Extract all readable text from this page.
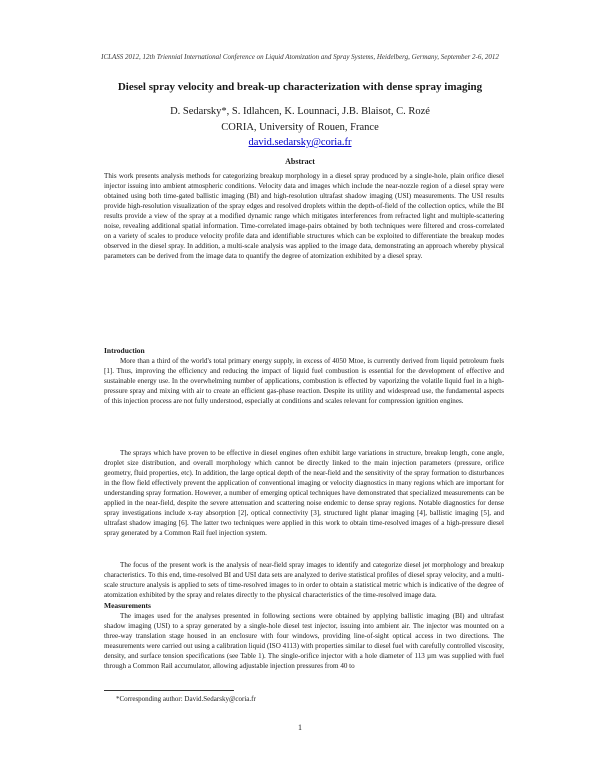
ICLASS 2012, 12th Triennial International Conference on Liquid Atomization and Spray Systems, Heidelberg, Germany, September 2-6, 2012
Diesel spray velocity and break-up characterization with dense spray imaging
D. Sedarsky*, S. Idlahcen, K. Lounnaci, J.B. Blaisot, C. Rozé
CORIA, University of Rouen, France
david.sedarsky@coria.fr
Abstract

This work presents analysis methods for categorizing breakup morphology in a diesel spray produced by a single-hole, plain orifice diesel injector issuing into ambient atmospheric conditions. Velocity data and images which include the near-nozzle region of a diesel spray were obtained using both time-gated ballistic imaging (BI) and high-resolution ultrafast shadow imaging (USI) measurements. The USI results provide high-resolution visualization of the spray edges and resolved droplets within the depth-of-field of the collection optics, while the BI results provide a view of the spray at a modified dynamic range which mitigates interferences from refracted light and multiple-scattering noise, revealing additional spatial information. Time-correlated image-pairs obtained by both techniques were filtered and cross-correlated on a variety of scales to produce velocity profile data and identifiable structures which can be exploited to differentiate the breakup modes observed in the diesel spray. In addition, a multi-scale analysis was applied to the image data, demonstrating an approach whereby physical parameters can be derived from the image data to quantify the degree of atomization exhibited by a diesel spray.

Introduction

More than a third of the world's total primary energy supply, in excess of 4050 Mtoe, is currently derived from liquid petroleum fuels [1]. Thus, improving the efficiency and reducing the impact of liquid fuel combustion is essential for the development of effective and sustainable energy use. In the overwhelming number of applications, combustion is effected by vaporizing the volatile liquid fuel in a high-pressure spray and mixing with air to create an efficient gas-phase reaction. Despite its utility and widespread use, the fundamental aspects of this injection process are not fully understood, especially at conditions and scales relevant for compression ignition engines.

The sprays which have proven to be effective in diesel engines often exhibit large variations in structure, breakup length, cone angle, droplet size distribution, and overall morphology which cannot be directly linked to the main injection parameters (pressure, orifice geometry, fluid properties, etc). In addition, the large optical depth of the near-field and the sensitivity of the spray formation to disturbances in the flow field effectively prevent the application of conventional imaging or velocity diagnostics in many regions which are important for understanding spray formation. However, a number of emerging optical techniques have demonstrated that specialized measurements can be applied in the near-field, despite the severe attenuation and scattering noise endemic to dense spray regions. Notable diagnostics for dense spray investigations include x-ray absorption [2], optical connectivity [3], structured light planar imaging [4], ballistic imaging [5], and ultrafast shadow imaging [6]. The latter two techniques were applied in this work to obtain time-resolved images of a high-pressure diesel spray generated by a Common Rail fuel injection system.

The focus of the present work is the analysis of near-field spray images to identify and categorize diesel jet morphology and breakup characteristics. To this end, time-resolved BI and USI data sets are analyzed to derive statistical profiles of diesel spray velocity, and a multi-scale structure analysis is applied to sets of time-resolved images to in order to obtain a statistical metric which is indicative of the degree of atomization exhibited by the spray and relates directly to the physical characteristics of the time-resolved image data.

Measurements

The images used for the analyses presented in following sections were obtained by applying ballistic imaging (BI) and ultrafast shadow imaging (USI) to a spray generated by a single-hole diesel test injector, issuing into ambient air. The injector was mounted on a three-way translation stage housed in an enclosure with four windows, providing line-of-sight optical access in two directions. The measurements were carried out using a calibration liquid (ISO 4113) with properties similar to diesel fuel with carefully controlled viscosity, density, and surface tension specifications (see Table 1). The single-orifice injector with a hole diameter of 113 µm was supplied with fuel through a Common Rail accumulator, allowing adjustable injection pressures from 40 to

*Corresponding author: David.Sedarsky@coria.fr
1
